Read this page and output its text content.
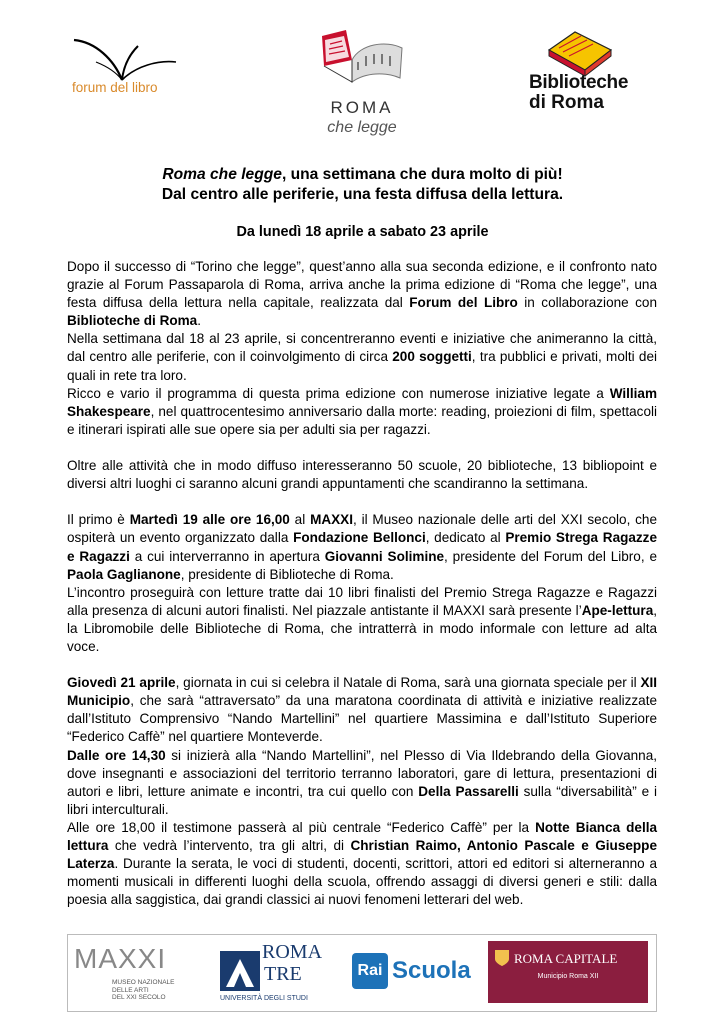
forum del libro
ROMA
che legge
Biblioteche
di Roma
Roma che legge, una settimana che dura molto di più!
Dal centro alle periferie, una festa diffusa della lettura.
Da lunedì 18 aprile a sabato 23 aprile

Dopo il successo di “Torino che legge”, quest’anno alla sua seconda edizione, e il confronto nato grazie al Forum Passaparola di Roma, arriva anche la prima edizione di “Roma che legge”, una festa diffusa della lettura nella capitale, realizzata dal Forum del Libro in collaborazione con Biblioteche di Roma.

Nella settimana dal 18 al 23 aprile, si concentreranno eventi e iniziative che animeranno la città, dal centro alle periferie, con il coinvolgimento di circa 200 soggetti, tra pubblici e privati, molti dei quali in rete tra loro.

Ricco e vario il programma di questa prima edizione con numerose iniziative legate a William Shakespeare, nel quattrocentesimo anniversario dalla morte: reading, proiezioni di film, spettacoli e itinerari ispirati alle sue opere sia per adulti sia per ragazzi.

Oltre alle attività che in modo diffuso interesseranno 50 scuole, 20 biblioteche, 13 bibliopoint e diversi altri luoghi ci saranno alcuni grandi appuntamenti che scandiranno la settimana.

Il primo è Martedì 19 alle ore 16,00 al MAXXI, il Museo nazionale delle arti del XXI secolo, che ospiterà un evento organizzato dalla Fondazione Bellonci, dedicato al Premio Strega Ragazze e Ragazzi a cui interverranno in apertura Giovanni Solimine, presidente del Forum del Libro, e Paola Gaglianone, presidente di Biblioteche di Roma.

L’incontro proseguirà con letture tratte dai 10 libri finalisti del Premio Strega Ragazze e Ragazzi alla presenza di alcuni autori finalisti. Nel piazzale antistante il MAXXI sarà presente l’Ape-lettura, la Libromobile delle Biblioteche di Roma, che intratterrà in modo informale con letture ad alta voce.

Giovedì 21 aprile, giornata in cui si celebra il Natale di Roma, sarà una giornata speciale per il XII Municipio, che sarà “attraversato” da una maratona coordinata di attività e iniziative realizzate dall’Istituto Comprensivo “Nando Martellini” nel quartiere Massimina e dall’Istituto Superiore “Federico Caffè” nel quartiere Monteverde.

Dalle ore 14,30 si inizierà alla “Nando Martellini”, nel Plesso di Via Ildebrando della Giovanna, dove insegnanti e associazioni del territorio terranno laboratori, gare di lettura, presentazioni di autori e libri, letture animate e incontri, tra cui quello con Della Passarelli sulla “diversabilità” e i libri interculturali.

Alle ore 18,00 il testimone passerà al più centrale “Federico Caffè” per la Notte Bianca della lettura che vedrà l’intervento, tra gli altri, di Christian Raimo, Antonio Pascale e Giuseppe Laterza. Durante la serata, le voci di studenti, docenti, scrittori, attori ed editori si alterneranno a momenti musicali in differenti luoghi della scuola, offrendo assaggi di diversi generi e stili: dalla poesia alla saggistica, dai grandi classici ai nuovi fenomeni letterari del web.

MAXXI
MUSEO NAZIONALE
DELLE ARTI
DEL XXI SECOLO
ROMA
TRE
UNIVERSITÀ DEGLI STUDI
Rai Scuola	ROMA CAPITALE
Municipio Roma XII
